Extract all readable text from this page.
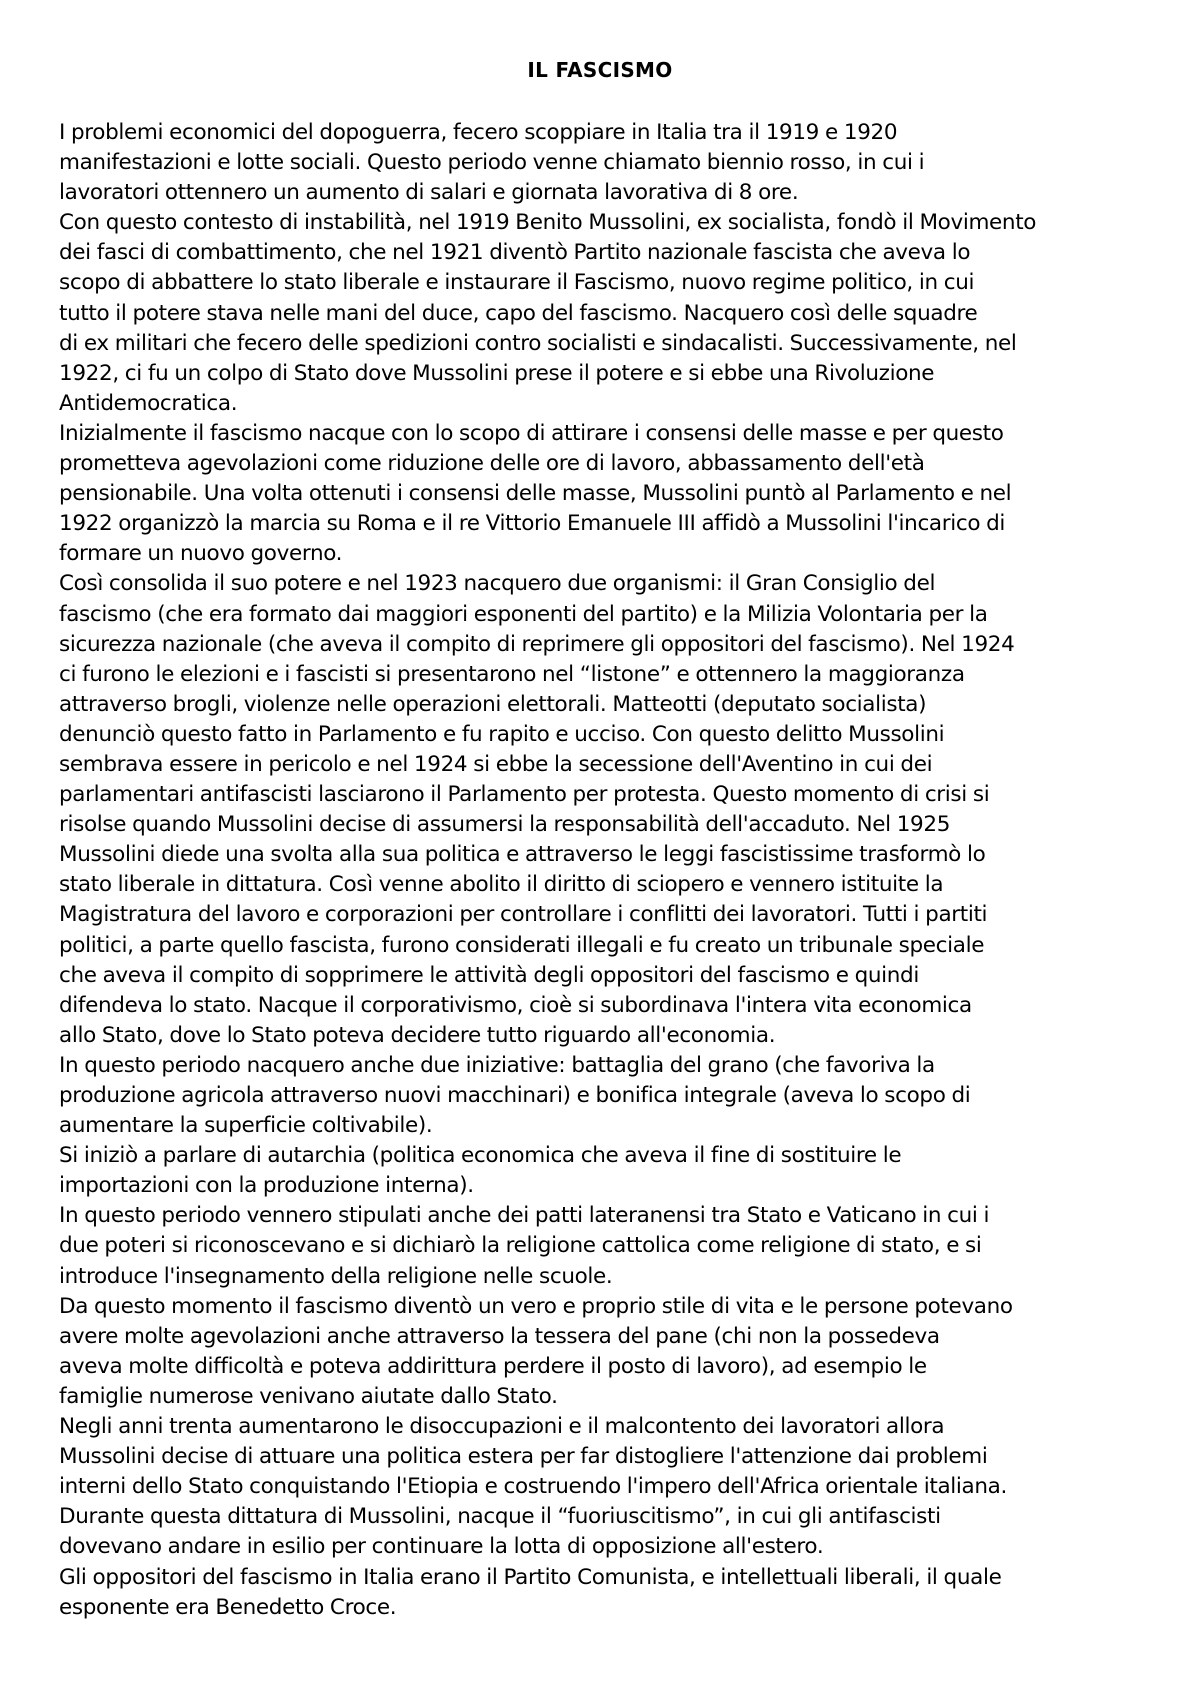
IL FASCISMO
I problemi economici del dopoguerra, fecero scoppiare in Italia tra il 1919 e 1920
manifestazioni e lotte sociali. Questo periodo venne chiamato biennio rosso, in cui i
lavoratori ottennero un aumento di salari e giornata lavorativa di 8 ore.
Con questo contesto di instabilità, nel 1919 Benito Mussolini, ex socialista, fondò il Movimento
dei fasci di combattimento, che nel 1921 diventò Partito nazionale fascista che aveva lo
scopo di abbattere lo stato liberale e instaurare il Fascismo, nuovo regime politico, in cui
tutto il potere stava nelle mani del duce, capo del fascismo. Nacquero così delle squadre
di ex militari che fecero delle spedizioni contro socialisti e sindacalisti. Successivamente, nel
1922, ci fu un colpo di Stato dove Mussolini prese il potere e si ebbe una Rivoluzione
Antidemocratica.
Inizialmente il fascismo nacque con lo scopo di attirare i consensi delle masse e per questo
prometteva agevolazioni come riduzione delle ore di lavoro, abbassamento dell'età
pensionabile. Una volta ottenuti i consensi delle masse, Mussolini puntò al Parlamento e nel
1922 organizzò la marcia su Roma e il re Vittorio Emanuele III affidò a Mussolini l'incarico di
formare un nuovo governo.
Così consolida il suo potere e nel 1923 nacquero due organismi: il Gran Consiglio del
fascismo (che era formato dai maggiori esponenti del partito) e la Milizia Volontaria per la
sicurezza nazionale (che aveva il compito di reprimere gli oppositori del fascismo). Nel 1924
ci furono le elezioni e i fascisti si presentarono nel “listone” e ottennero la maggioranza
attraverso brogli, violenze nelle operazioni elettorali. Matteotti (deputato socialista)
denunciò questo fatto in Parlamento e fu rapito e ucciso. Con questo delitto Mussolini
sembrava essere in pericolo e nel 1924 si ebbe la secessione dell'Aventino in cui dei
parlamentari antifascisti lasciarono il Parlamento per protesta. Questo momento di crisi si
risolse quando Mussolini decise di assumersi la responsabilità dell'accaduto. Nel 1925
Mussolini diede una svolta alla sua politica e attraverso le leggi fascistissime trasformò lo
stato liberale in dittatura. Così venne abolito il diritto di sciopero e vennero istituite la
Magistratura del lavoro e corporazioni per controllare i conflitti dei lavoratori. Tutti i partiti
politici, a parte quello fascista, furono considerati illegali e fu creato un tribunale speciale
che aveva il compito di sopprimere le attività degli oppositori del fascismo e quindi
difendeva lo stato. Nacque il corporativismo, cioè si subordinava l'intera vita economica
allo Stato, dove lo Stato poteva decidere tutto riguardo all'economia.
In questo periodo nacquero anche due iniziative: battaglia del grano (che favoriva la
produzione agricola attraverso nuovi macchinari) e bonifica integrale (aveva lo scopo di
aumentare la superficie coltivabile).
Si iniziò a parlare di autarchia (politica economica che aveva il fine di sostituire le
importazioni con la produzione interna).
In questo periodo vennero stipulati anche dei patti lateranensi tra Stato e Vaticano in cui i
due poteri si riconoscevano e si dichiarò la religione cattolica come religione di stato, e si
introduce l'insegnamento della religione nelle scuole.
Da questo momento il fascismo diventò un vero e proprio stile di vita e le persone potevano
avere molte agevolazioni anche attraverso la tessera del pane (chi non la possedeva
aveva molte difficoltà e poteva addirittura perdere il posto di lavoro), ad esempio le
famiglie numerose venivano aiutate dallo Stato.
Negli anni trenta aumentarono le disoccupazioni e il malcontento dei lavoratori allora
Mussolini decise di attuare una politica estera per far distogliere l'attenzione dai problemi
interni dello Stato conquistando l'Etiopia e costruendo l'impero dell'Africa orientale italiana.
Durante questa dittatura di Mussolini, nacque il “fuoriuscitismo”, in cui gli antifascisti
dovevano andare in esilio per continuare la lotta di opposizione all'estero.
Gli oppositori del fascismo in Italia erano il Partito Comunista, e intellettuali liberali, il quale
esponente era Benedetto Croce.
